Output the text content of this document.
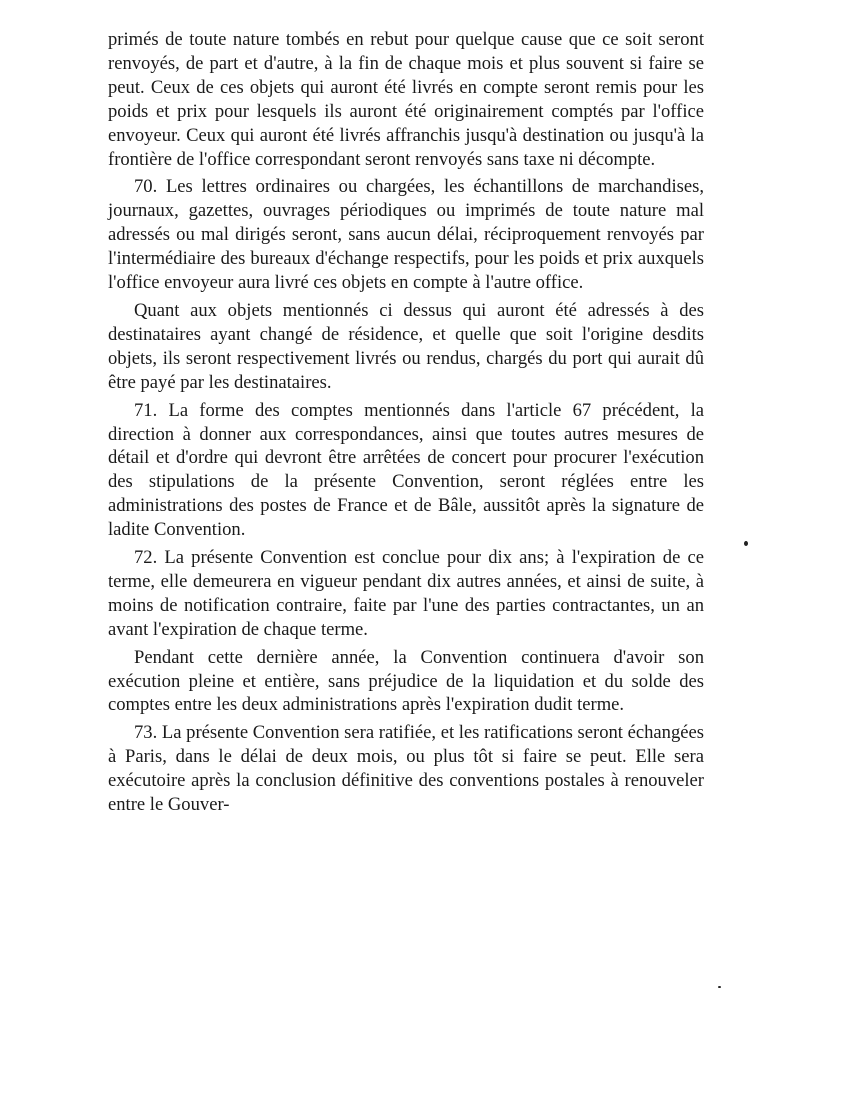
primés de toute nature tombés en rebut pour quelque cause que ce soit seront renvoyés, de part et d'autre, à la fin de chaque mois et plus souvent si faire se peut. Ceux de ces objets qui auront été livrés en compte seront remis pour les poids et prix pour lesquels ils auront été originairement comptés par l'office envoyeur. Ceux qui auront été livrés affranchis jusqu'à destination ou jusqu'à la frontière de l'office correspondant seront renvoyés sans taxe ni décompte.

70. Les lettres ordinaires ou chargées, les échantillons de marchandises, journaux, gazettes, ouvrages périodiques ou imprimés de toute nature mal adressés ou mal dirigés seront, sans aucun délai, réciproquement renvoyés par l'intermédiaire des bureaux d'échange respectifs, pour les poids et prix auxquels l'office envoyeur aura livré ces objets en compte à l'autre office.

Quant aux objets mentionnés ci dessus qui auront été adressés à des destinataires ayant changé de résidence, et quelle que soit l'origine desdits objets, ils seront respectivement livrés ou rendus, chargés du port qui aurait dû être payé par les destinataires.

71. La forme des comptes mentionnés dans l'article 67 précédent, la direction à donner aux correspondances, ainsi que toutes autres mesures de détail et d'ordre qui devront être arrêtées de concert pour procurer l'exécution des stipulations de la présente Convention, seront réglées entre les administrations des postes de France et de Bâle, aussitôt après la signature de ladite Convention.

72. La présente Convention est conclue pour dix ans; à l'expiration de ce terme, elle demeurera en vigueur pendant dix autres années, et ainsi de suite, à moins de notification contraire, faite par l'une des parties contractantes, un an avant l'expiration de chaque terme.

Pendant cette dernière année, la Convention continuera d'avoir son exécution pleine et entière, sans préjudice de la liquidation et du solde des comptes entre les deux administrations après l'expiration dudit terme.

73. La présente Convention sera ratifiée, et les ratifications seront échangées à Paris, dans le délai de deux mois, ou plus tôt si faire se peut. Elle sera exécutoire après la conclusion définitive des conventions postales à renouveler entre le Gouver-
